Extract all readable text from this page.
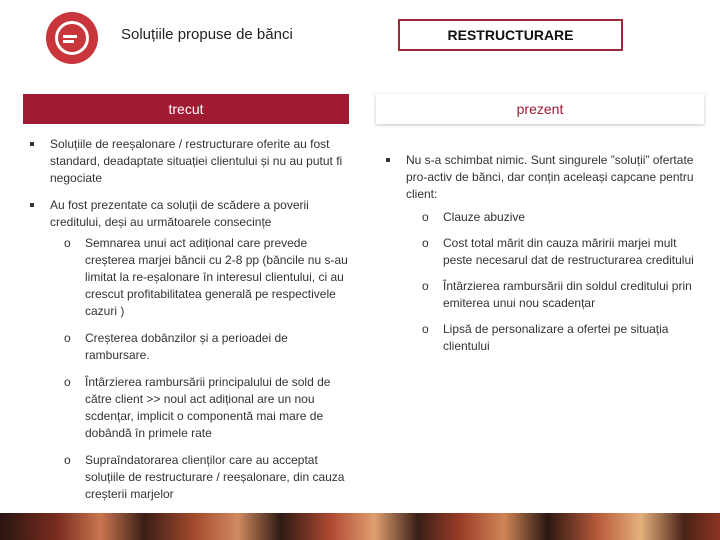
Soluțiile propuse de bănci	RESTRUCTURARE
trecut	prezent
Soluțiile de reeșalonare / restructurare oferite au fost standard, deadaptate situației clientului și nu au putut fi negociate
Au fost prezentate ca soluții de scădere a poverii creditului, deși au următoarele consecințe
o Semnarea unui act adițional care prevede creșterea marjei băncii cu 2-8 pp (băncile nu s-au limitat la re-eșalonare în interesul clientului, ci au crescut profitabilitatea generală pe respectivele cazuri )
o Creșterea dobânzilor și a perioadei de rambursare.
o Întârzierea rambursării principalului de sold de către client >> noul act adițional are un nou scdențar, implicit o componentă mai mare de dobândă în primele rate
o Supraîndatorarea clienților care au acceptat soluțiile de restructurare / reeșalonare, din cauza creșterii marjelor
Nu s-a schimbat nimic. Sunt singurele ”soluții” ofertate pro-activ de bănci, dar conțin aceleași capcane pentru client:
o Clauze abuzive
o Cost total mărit din cauza măririi marjei mult peste necesarul dat de restructurarea creditului
o Întârzierea rambursării din soldul creditului prin emiterea unui nou scadențar
o Lipsă de personalizare a ofertei pe situația clientului
